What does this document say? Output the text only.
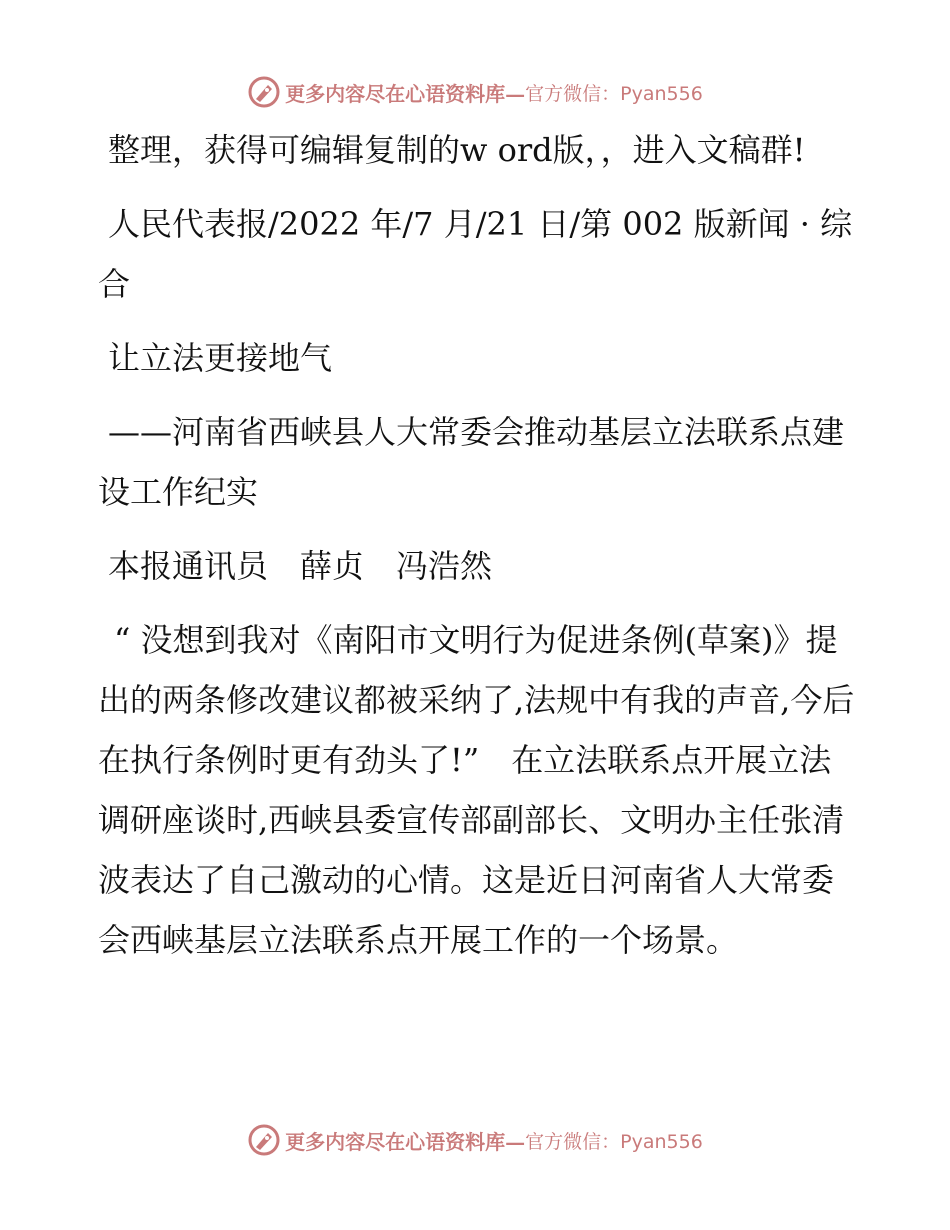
更多内容尽在心语资料库— 官方微信：Pyan556

整理，获得可编辑复制的w ord版，，进入文稿群!

人民代表报/2022 年/7 月/21 日/第 002 版新闻 · 综合

让立法更接地气

——河南省西峡县人大常委会推动基层立法联系点建设工作纪实

本报通讯员　薛贞　冯浩然

“ 没想到我对《南阳市文明行为促进条例(草案)》提出的两条修改建议都被采纳了,法规中有我的声音,今后在执行条例时更有劲头了!”　在立法联系点开展立法调研座谈时,西峡县委宣传部副部长、文明办主任张清波表达了自己激动的心情。这是近日河南省人大常委会西峡基层立法联系点开展工作的一个场景。

更多内容尽在心语资料库— 官方微信：Pyan556
